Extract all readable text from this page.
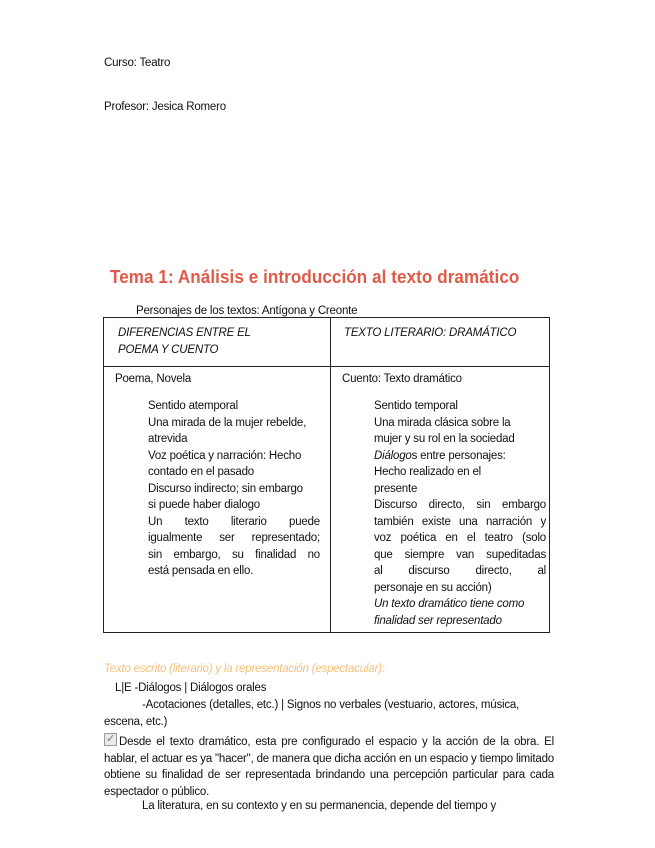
Curso: Teatro
Profesor: Jesica Romero
Tema 1: Análisis e introducción al texto dramático
Personajes de los textos: Antígona y Creonte
DIFERENCIAS ENTRE EL
POEMA Y CUENTO
TEXTO LITERARIO: DRAMÁTICO
Poema, Novela	Cuento: Texto dramático
Sentido atemporal
Una mirada de la mujer rebelde,
atrevida
Voz poética y narración: Hecho
contado en el pasado
Discurso indirecto; sin embargo
si puede haber dialogo
Un texto literario puede
igualmente ser representado;
sin embargo, su finalidad no
está pensada en ello.
Sentido temporal
Una mirada clásica sobre la
mujer y su rol en la sociedad
Diálogos entre personajes:
Hecho realizado en el
presente
Discurso directo, sin embargo
también existe una narración y
voz poética en el teatro (solo
que siempre van supeditadas
al discurso directo, al
personaje en su acción)
Un texto dramático tiene como
finalidad ser representado
Texto escrito (literario) y la representación (espectacular):
L|E -Diálogos | Diálogos orales
-Acotaciones (detalles, etc.) | Signos no verbales (vestuario, actores, música, escena, etc.)
✓Desde el texto dramático, esta pre configurado el espacio y la acción de la obra. El hablar, el actuar es ya "hacer", de manera que dicha acción en un espacio y tiempo limitado obtiene su finalidad de ser representada brindando una percepción particular para cada espectador o público.
La literatura, en su contexto y en su permanencia, depende del tiempo y
